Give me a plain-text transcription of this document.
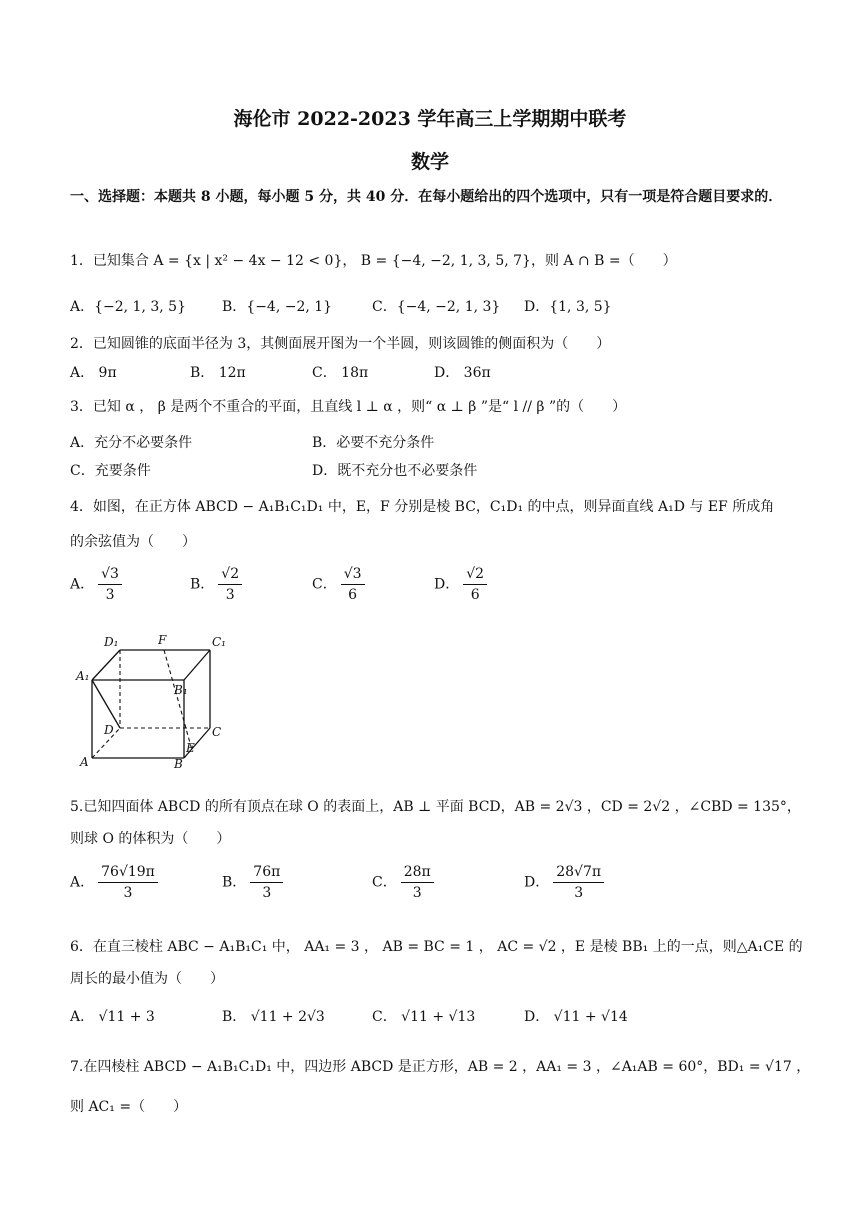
海伦市 2022-2023 学年高三上学期期中联考
数学
一、选择题：本题共 8 小题，每小题 5 分，共 40 分．在每小题给出的四个选项中，只有一项是符合题目要求的．
1．已知集合 A = {x | x² − 4x − 12 < 0}， B = {−4, −2, 1, 3, 5, 7}，则 A ∩ B =（　　）
A．{−2, 1, 3, 5}	B．{−4, −2, 1}	C．{−4, −2, 1, 3} D．{1, 3, 5}
2．已知圆锥的底面半径为 3，其侧面展开图为一个半圆，则该圆锥的侧面积为（　　）
A． 9π	B． 12π	C． 18π	D． 36π
3．已知 α ， β 是两个不重合的平面，且直线 l ⊥ α ，则“ α ⊥ β ”是“ l // β ”的（　　）
A．充分不必要条件	B．必要不充分条件
C．充要条件	D．既不充分也不必要条件
4．如图，在正方体 ABCD − A₁B₁C₁D₁ 中，E，F 分别是棱 BC，C₁D₁ 的中点，则异面直线 A₁D 与 EF 所成角
的余弦值为（　　）
A． $\frac{√3}{3}$	B． $\frac{√2}{3}$	C． $\frac{√3}{6}$	D． $\frac{√2}{6}$
D₁	F	C₁
A₁
B₁
D	C
E
A	B
5.已知四面体 ABCD 的所有顶点在球 O 的表面上，AB ⊥ 平面 BCD，AB = 2√3 ，CD = 2√2 ，∠CBD = 135°，
则球 O 的体积为（　　）
A． $\frac{76√19\pi}{3}$	B． $\frac{76\pi}{3}$	C． $\frac{28\pi}{3}$	D． $\frac{28√7\pi}{3}$
6．在直三棱柱 ABC − A₁B₁C₁ 中， AA₁ = 3 ， AB = BC = 1 ， AC = √2 ，E 是棱 BB₁ 上的一点，则△A₁CE 的
周长的最小值为（　　）
A． √11 + 3	B． √11 + 2√3	C． √11 + √13	D． √11 + √14
7.在四棱柱 ABCD − A₁B₁C₁D₁ 中，四边形 ABCD 是正方形，AB = 2 ，AA₁ = 3 ，∠A₁AB = 60°，BD₁ = √17 ，
则 AC₁ =（　　）
